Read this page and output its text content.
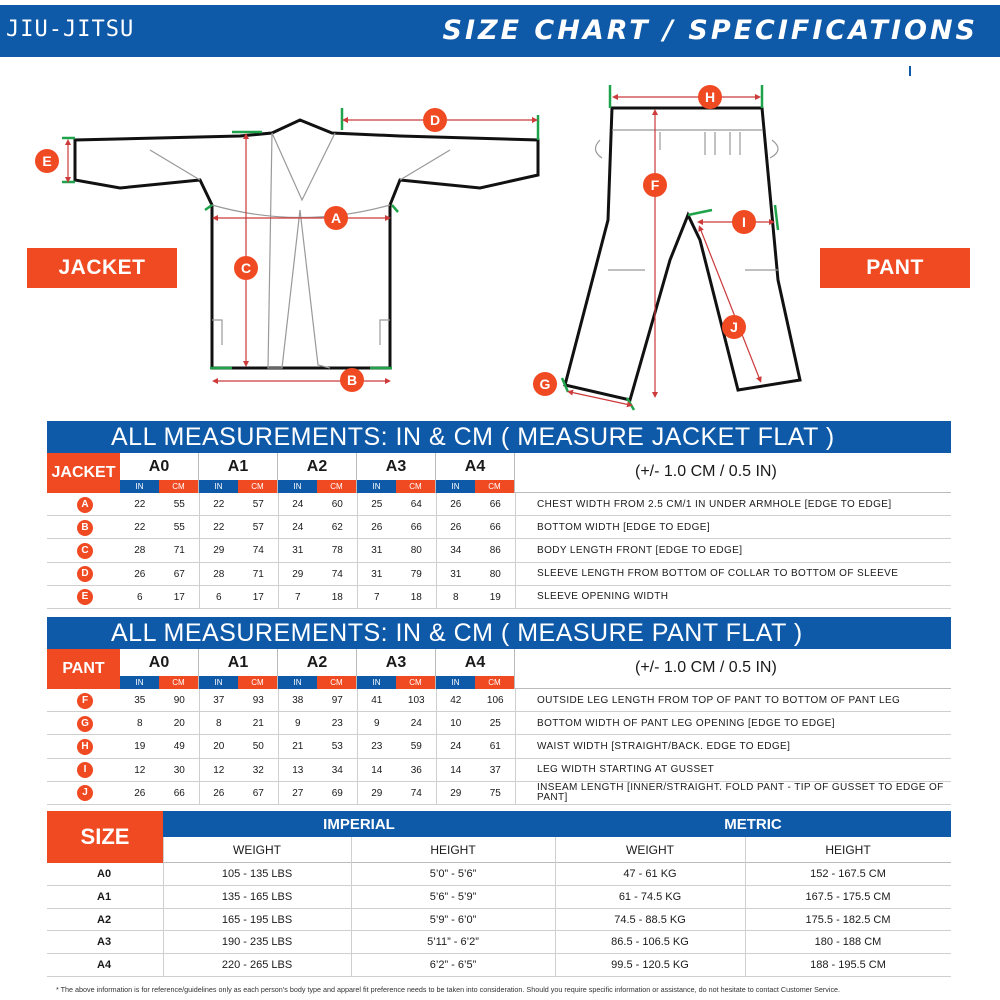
JIU-JITSU	SIZE CHART / SPECIFICATIONS
A
B
C
D
E
F
G
H
I
J
JACKET	PANT
ALL MEASUREMENTS: IN & CM ( MEASURE JACKET FLAT )
JACKET	A0
IN	CM
A1
IN	CM
A2
IN	CM
A3
IN	CM
A4
IN	CM
(+/- 1.0 CM / 0.5 IN)
A	22	55	22	57	24	60	25	64	26	66	CHEST WIDTH FROM 2.5 CM/1 IN UNDER ARMHOLE [EDGE TO EDGE]
B	22	55	22	57	24	62	26	66	26	66	BOTTOM WIDTH [EDGE TO EDGE]
C	28	71	29	74	31	78	31	80	34	86	BODY LENGTH FRONT [EDGE TO EDGE]
D	26	67	28	71	29	74	31	79	31	80	SLEEVE LENGTH FROM BOTTOM OF COLLAR TO BOTTOM OF SLEEVE
E	6	17	6	17	7	18	7	18	8	19	SLEEVE OPENING WIDTH
ALL MEASUREMENTS: IN & CM ( MEASURE PANT FLAT )
PANT	A0
IN	CM
A1
IN	CM
A2
IN	CM
A3
IN	CM
A4
IN	CM
(+/- 1.0 CM / 0.5 IN)
F	35	90	37	93	38	97	41	103	42	106	OUTSIDE LEG LENGTH FROM TOP OF PANT TO BOTTOM OF PANT LEG
G	8	20	8	21	9	23	9	24	10	25	BOTTOM WIDTH OF PANT LEG OPENING [EDGE TO EDGE]
H	19	49	20	50	21	53	23	59	24	61	WAIST WIDTH [STRAIGHT/BACK. EDGE TO EDGE]
I	12	30	12	32	13	34	14	36	14	37	LEG WIDTH STARTING AT GUSSET
J	26	66	26	67	27	69	29	74	29	75	INSEAM LENGTH [INNER/STRAIGHT. FOLD PANT - TIP OF GUSSET TO EDGE OF PANT]
SIZE	IMPERIAL	METRIC
WEIGHT	HEIGHT	WEIGHT	HEIGHT
A0	105 - 135 LBS	5’0” - 5’6”	47 - 61 KG	152 - 167.5 CM
A1	135 - 165 LBS	5’6” - 5’9”	61 - 74.5 KG	167.5 - 175.5 CM
A2	165 - 195 LBS	5’9” - 6’0”	74.5 - 88.5 KG	175.5 - 182.5 CM
A3	190 - 235 LBS	5’11” - 6’2”	86.5 - 106.5 KG	180 - 188 CM
A4	220 - 265 LBS	6’2” - 6’5”	99.5 - 120.5 KG	188 - 195.5 CM
* The above information is for reference/guidelines only as each person’s body type and apparel fit preference needs to be taken into consideration. Should you require specific information or assistance, do not hesitate to contact Customer Service.
